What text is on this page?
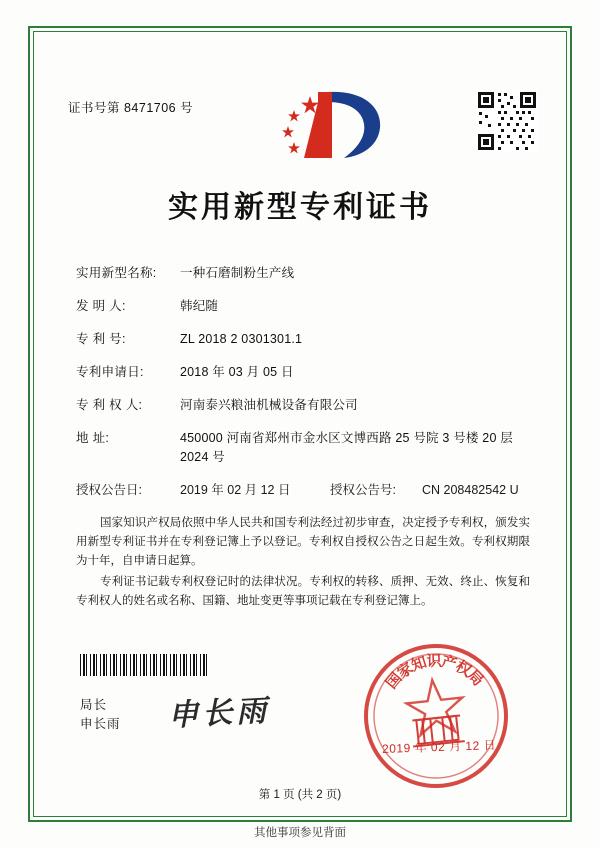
证书号第 8471706 号
实用新型专利证书
实用新型名称:	一种石磨制粉生产线
发 明 人:	韩纪随
专 利 号:	ZL 2018 2 0301301.1
专利申请日:	2018 年 03 月 05 日
专 利 权 人:	河南泰兴粮油机械设备有限公司
地 址:	450000 河南省郑州市金水区文博西路 25 号院 3 号楼 20 层 2024 号
授权公告日:	2019 年 02 月 12 日	授权公告号:	CN 208482542 U
国家知识产权局依照中华人民共和国专利法经过初步审查，决定授予专利权，颁发实用新型专利证书并在专利登记簿上予以登记。专利权自授权公告之日起生效。专利权期限为十年，自申请日起算。
专利证书记载专利权登记时的法律状况。专利权的转移、质押、无效、终止、恢复和专利权人的姓名或名称、国籍、地址变更等事项记载在专利登记簿上。
局长
申长雨 申长雨
国
家
知
识
产
权
局
2019 年 02 月 12 日
第 1 页 (共 2 页)
其他事项参见背面
